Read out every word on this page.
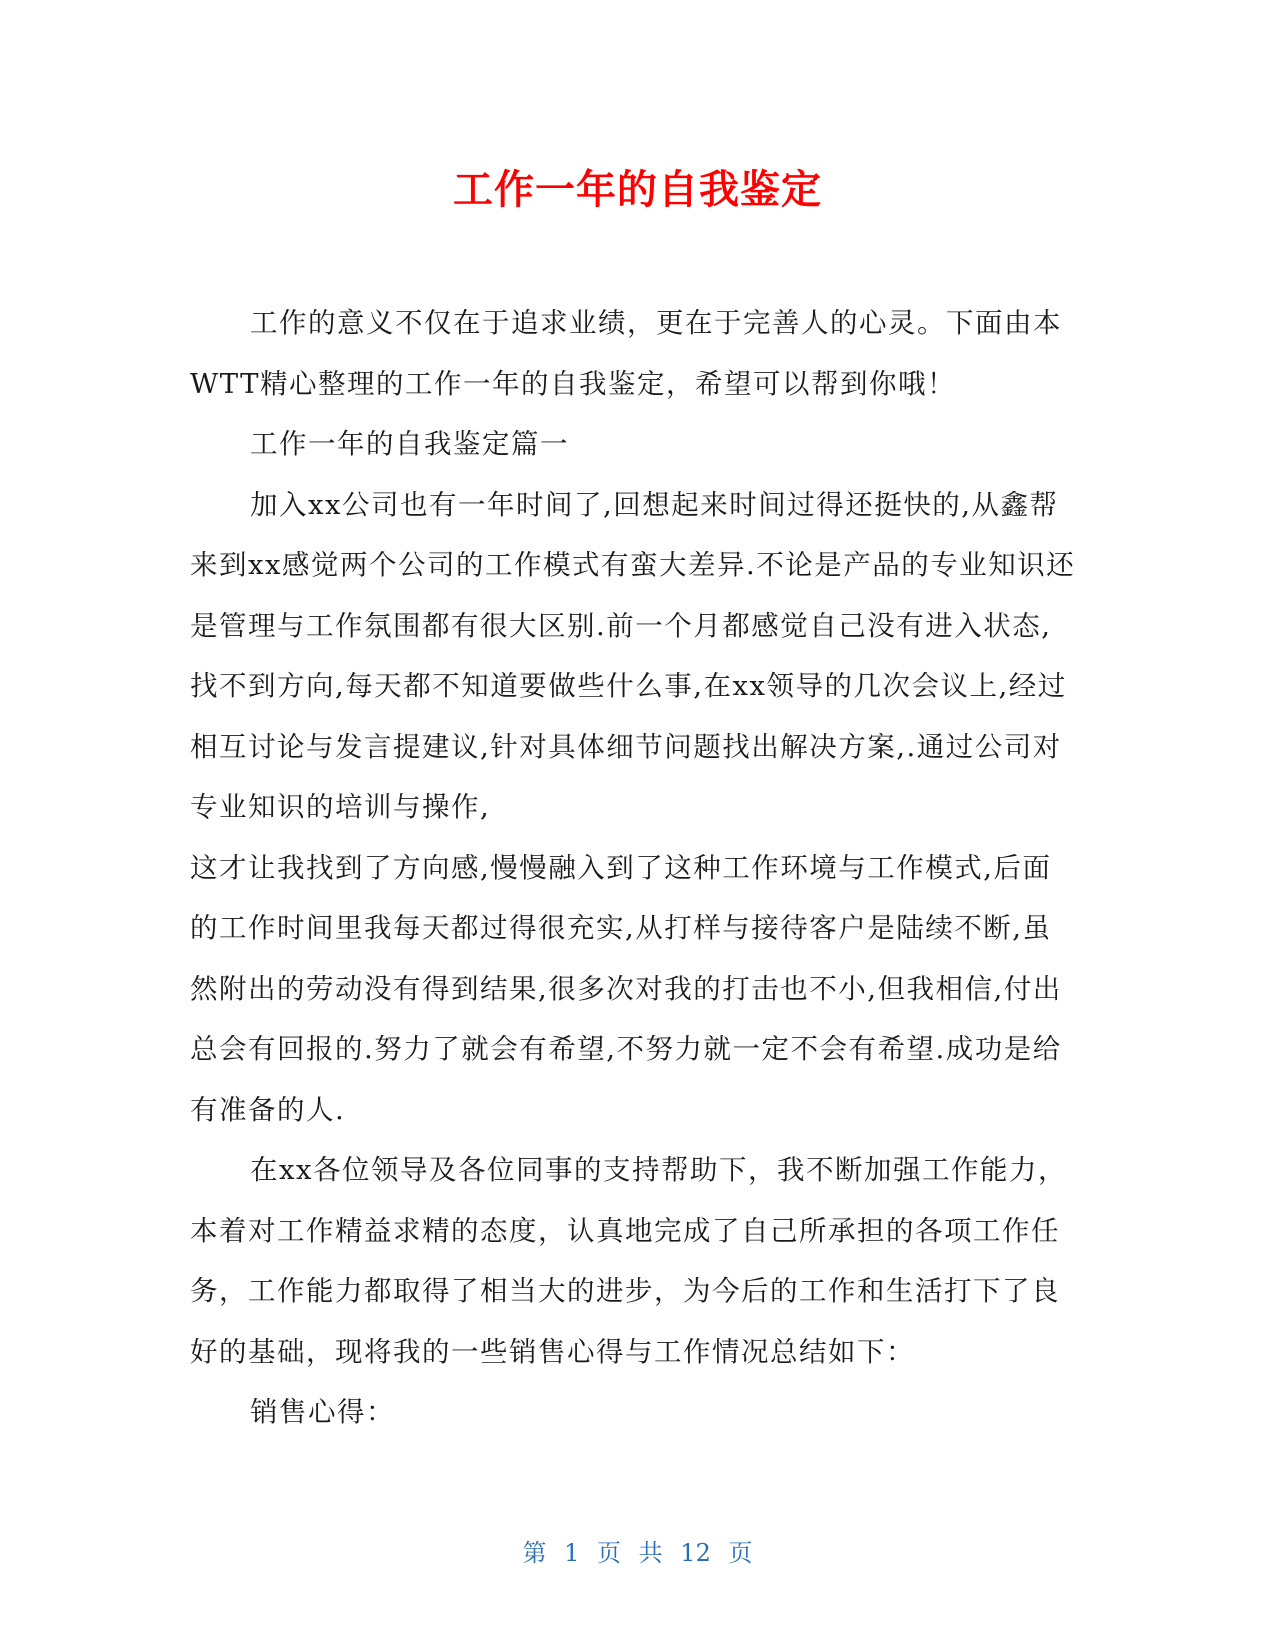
工作一年的自我鉴定

工作的意义不仅在于追求业绩，更在于完善人的心灵。下面由本WTT精心整理的工作一年的自我鉴定，希望可以帮到你哦！

工作一年的自我鉴定篇一

加入xx公司也有一年时间了,回想起来时间过得还挺快的,从鑫帮来到xx感觉两个公司的工作模式有蛮大差异.不论是产品的专业知识还是管理与工作氛围都有很大区别.前一个月都感觉自己没有进入状态,找不到方向,每天都不知道要做些什么事,在xx领导的几次会议上,经过相互讨论与发言提建议,针对具体细节问题找出解决方案,.通过公司对专业知识的培训与操作,

这才让我找到了方向感,慢慢融入到了这种工作环境与工作模式,后面的工作时间里我每天都过得很充实,从打样与接待客户是陆续不断,虽然附出的劳动没有得到结果,很多次对我的打击也不小,但我相信,付出总会有回报的.努力了就会有希望,不努力就一定不会有希望.成功是给有准备的人.

在xx各位领导及各位同事的支持帮助下，我不断加强工作能力，本着对工作精益求精的态度，认真地完成了自己所承担的各项工作任务，工作能力都取得了相当大的进步，为今后的工作和生活打下了良好的基础，现将我的一些销售心得与工作情况总结如下：

销售心得：

第 1 页 共 12 页
